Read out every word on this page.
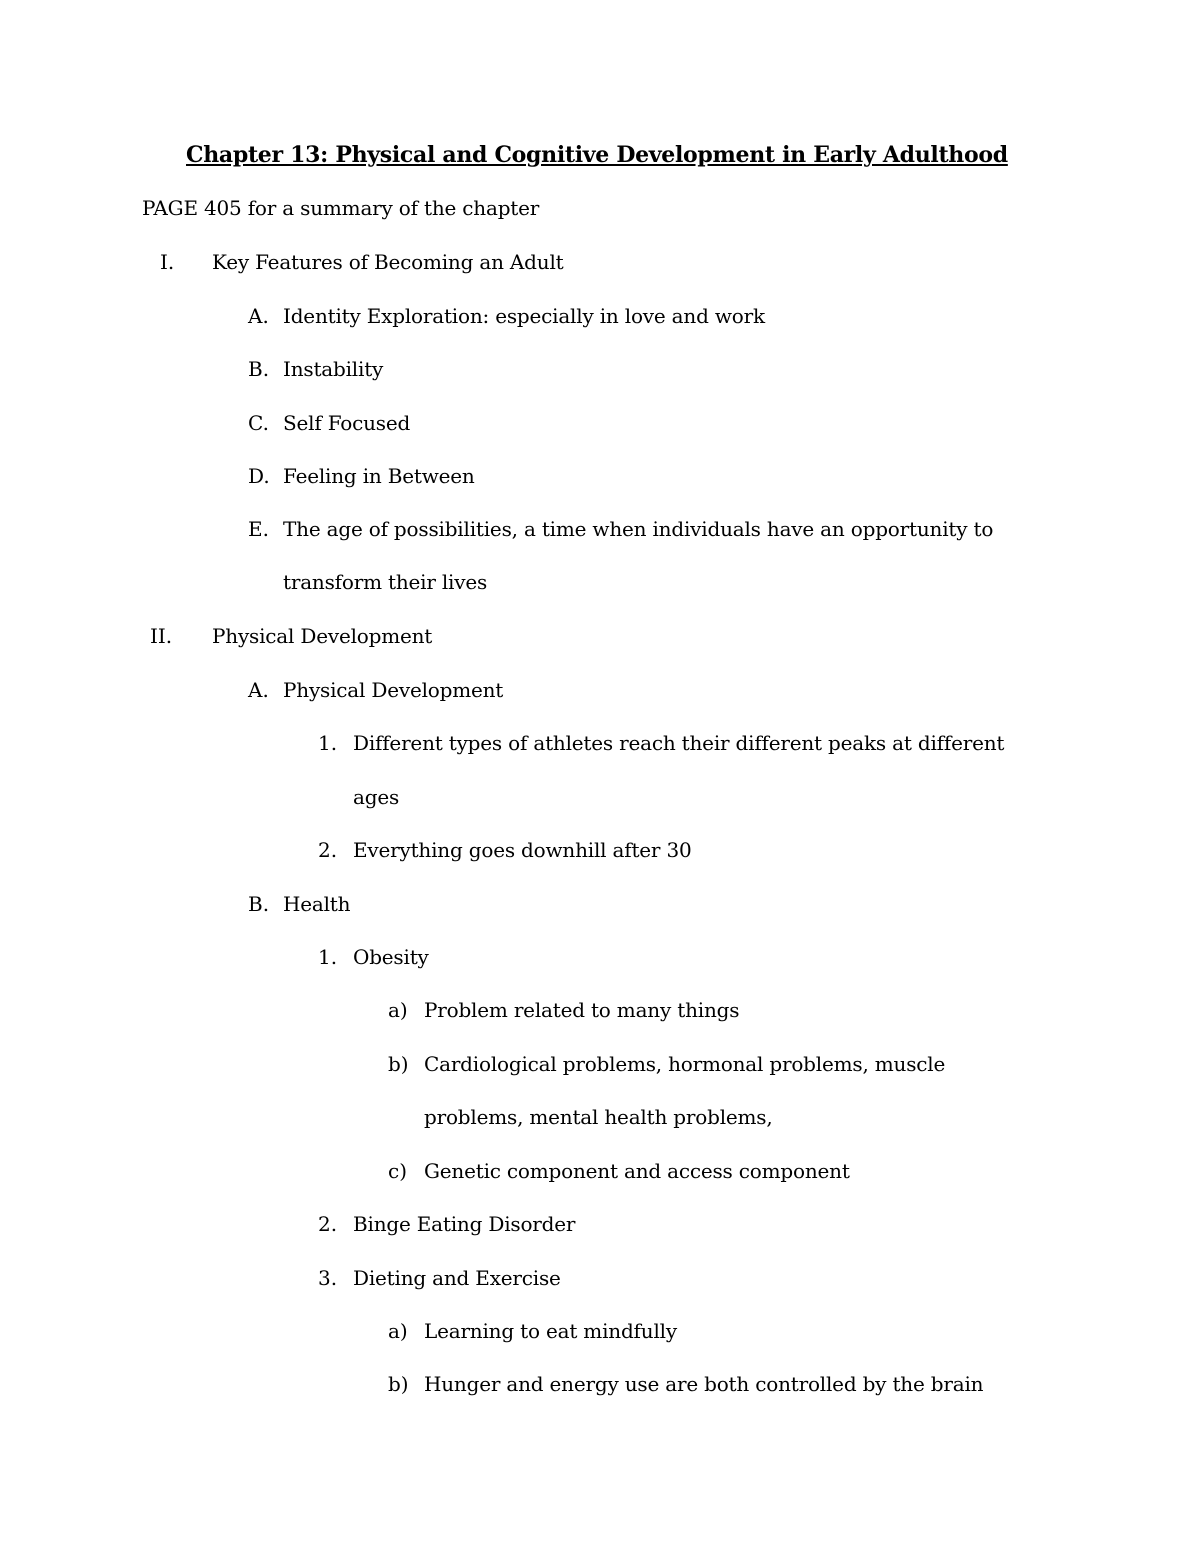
Chapter 13: Physical and Cognitive Development in Early Adulthood
PAGE 405 for a summary of the chapter
I. Key Features of Becoming an Adult
A. Identity Exploration: especially in love and work
B. Instability
C. Self Focused
D. Feeling in Between
E. The age of possibilities, a time when individuals have an opportunity to
transform their lives
II. Physical Development
A. Physical Development
1. Different types of athletes reach their different peaks at different
ages
2. Everything goes downhill after 30
B. Health
1. Obesity
a) Problem related to many things
b) Cardiological problems, hormonal problems, muscle
problems, mental health problems,
c) Genetic component and access component
2. Binge Eating Disorder
3. Dieting and Exercise
a) Learning to eat mindfully
b) Hunger and energy use are both controlled by the brain
